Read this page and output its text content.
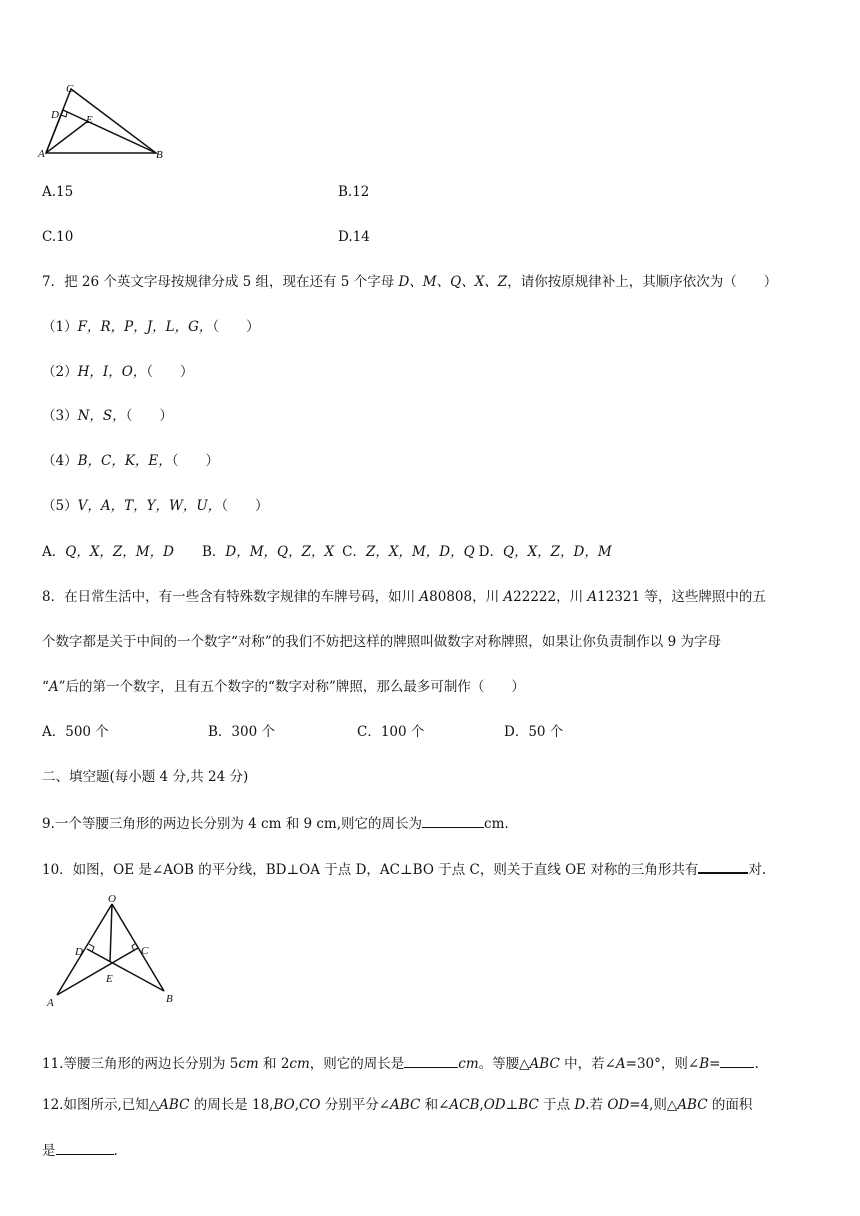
C
D E
A	B
A.15	B.12
C.10	D.14
7．把 26 个英文字母按规律分成 5 组，现在还有 5 个字母 D、M、Q、X、Z，请你按原规律补上，其顺序依次为（　　）
（1）F，R，P，J，L，G，（　　）
（2）H，I，O，（　　）
（3）N，S，（　　）
（4）B，C，K，E，（　　）
（5）V，A，T，Y，W，U，（　　）
A．Q，X，Z，M，D B．D，M，Q，Z，X C．Z，X，M，D，Q D．Q，X，Z，D，M
8．在日常生活中，有一些含有特殊数字规律的车牌号码，如川 A80808，川 A22222，川 A12321 等，这些牌照中的五
个数字都是关于中间的一个数字“对称”的我们不妨把这样的牌照叫做数字对称牌照，如果让你负责制作以 9 为字母
“A”后的第一个数字，且有五个数字的“数字对称”牌照，那么最多可制作（　　）
A．500 个	B．300 个	C．100 个	D．50 个
二、填空题(每小题 4 分,共 24 分)
9.一个等腰三角形的两边长分别为 4 cm 和 9 cm,则它的周长为	cm.
10．如图，OE 是∠AOB 的平分线，BD⊥OA 于点 D，AC⊥BO 于点 C，则关于直线 OE 对称的三角形共有	对.
O
D	C
E
A	B
11.等腰三角形的两边长分别为 5cm 和 2cm，则它的周长是	cm。等腰△ABC 中，若∠A=30°，则∠B=	.
12.如图所示,已知△ABC 的周长是 18,BO,CO 分别平分∠ABC 和∠ACB,OD⊥BC 于点 D.若 OD=4,则△ABC 的面积
是	.
